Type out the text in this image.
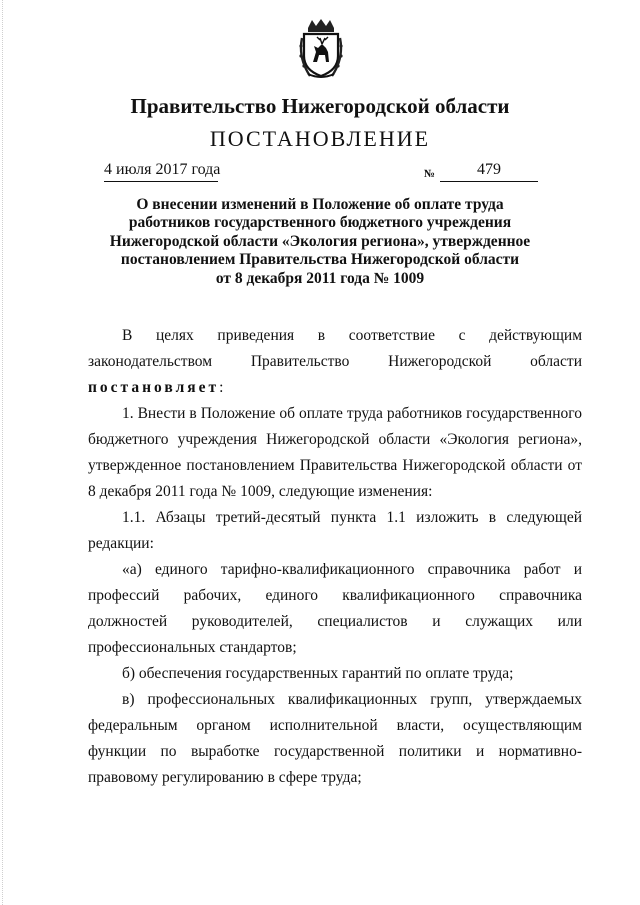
Правительство Нижегородской области
ПОСТАНОВЛЕНИЕ
4 июля 2017 года	№	479
О внесении изменений в Положение об оплате труда
работников государственного бюджетного учреждения
Нижегородской области «Экология региона», утвержденное
постановлением Правительства Нижегородской области
от 8 декабря 2011 года № 1009

В целях приведения в соответствие с действующим

законодательством Правительство Нижегородской области

постановляет:

1. Внести в Положение об оплате труда работников государственного бюджетного учреждения Нижегородской области «Экология региона», утвержденное постановлением Правительства Нижегородской области от 8 декабря 2011 года № 1009, следующие изменения:

1.1. Абзацы третий-десятый пункта 1.1 изложить в следующей редакции:

«а) единого тарифно-квалификационного справочника работ и профессий рабочих, единого квалификационного справочника должностей руководителей, специалистов и служащих или профессиональных стандартов;

б) обеспечения государственных гарантий по оплате труда;

в) профессиональных квалификационных групп, утверждаемых федеральным органом исполнительной власти, осуществляющим функции по выработке государственной политики и нормативно-правовому регулированию в сфере труда;
